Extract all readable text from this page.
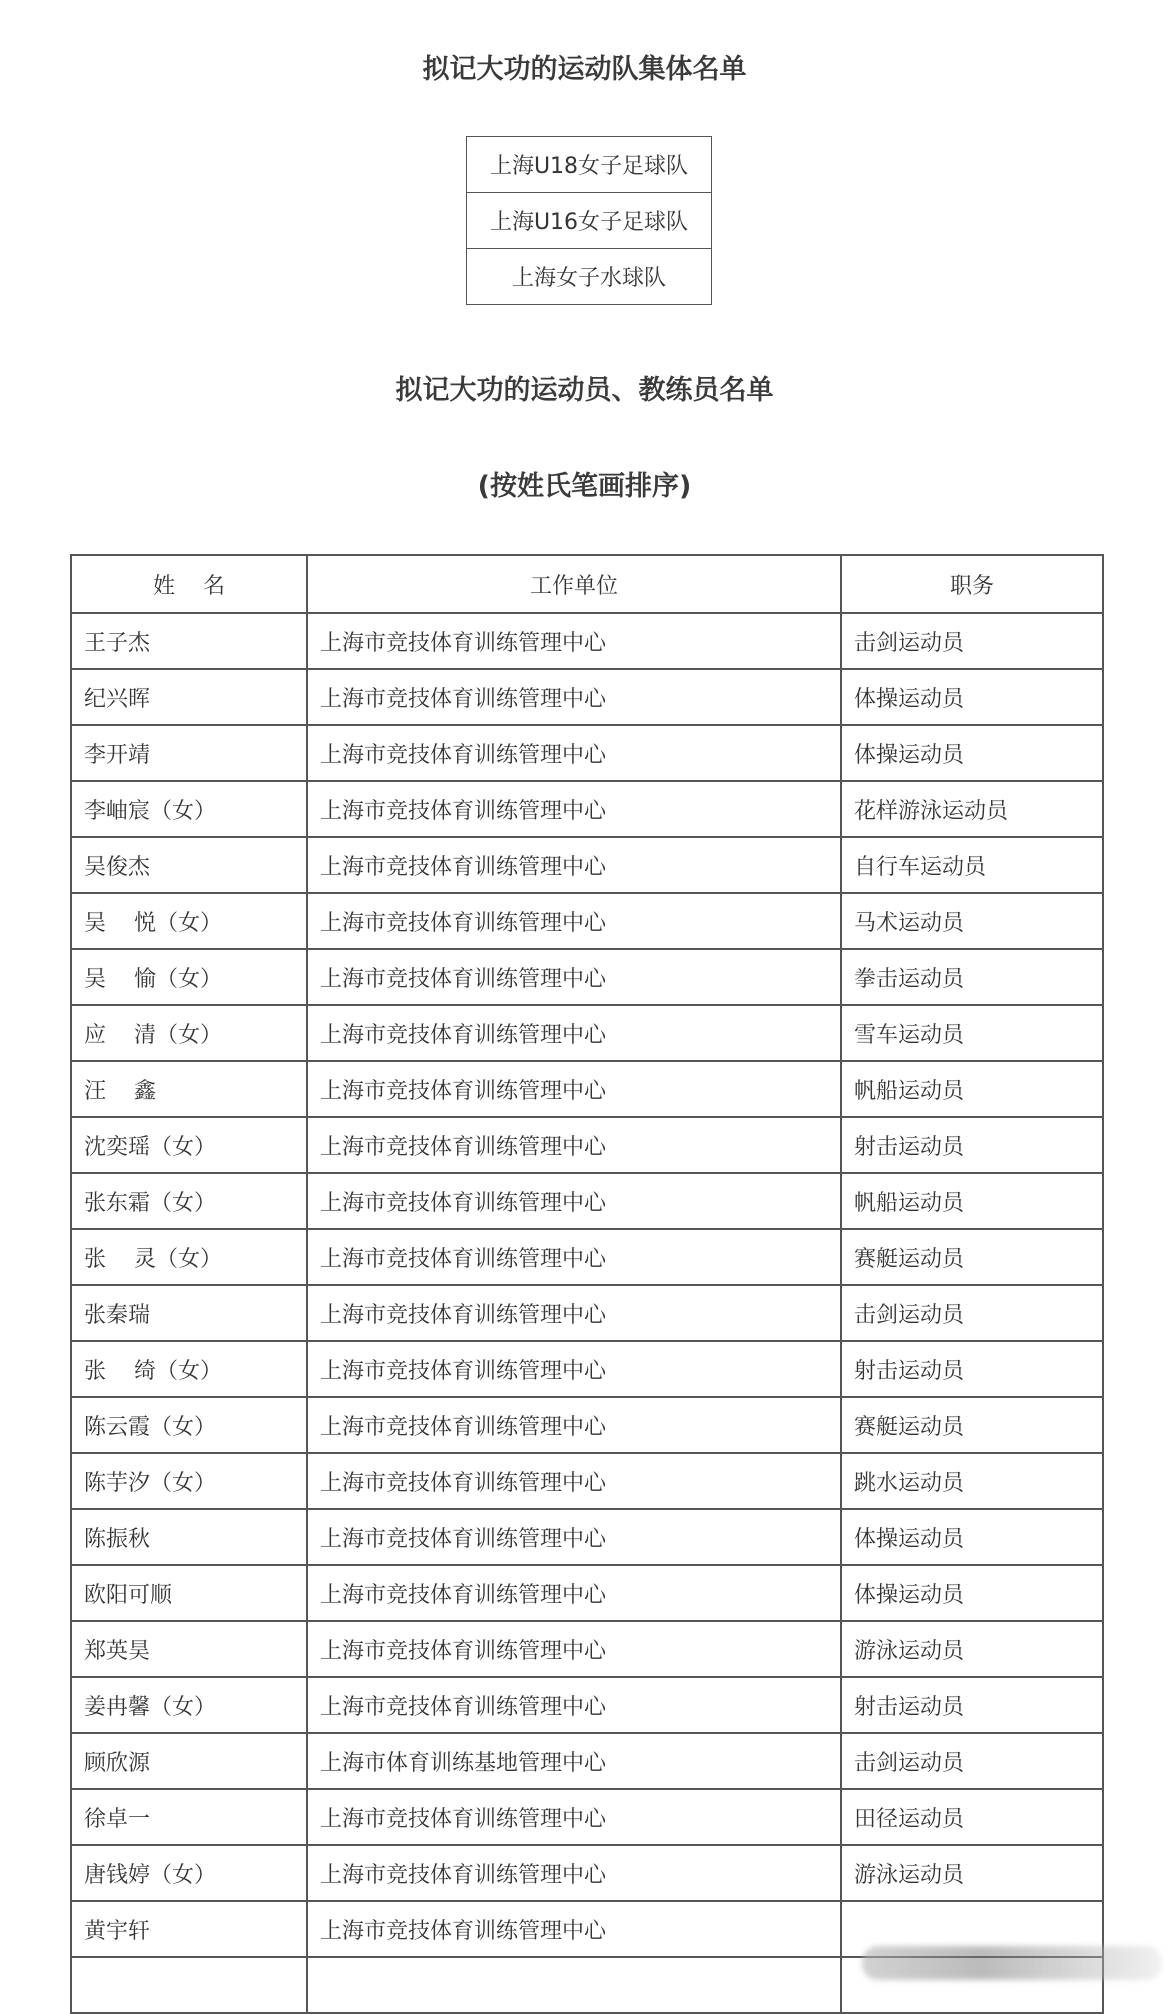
拟记大功的运动队集体名单
上海U18女子足球队
上海U16女子足球队
上海女子水球队
拟记大功的运动员、教练员名单
(按姓氏笔画排序)
姓    名	工作单位	职务
王子杰	上海市竞技体育训练管理中心	击剑运动员
纪兴晖	上海市竞技体育训练管理中心	体操运动员
李开靖	上海市竞技体育训练管理中心	体操运动员
李岫宸（女）	上海市竞技体育训练管理中心	花样游泳运动员
吴俊杰	上海市竞技体育训练管理中心	自行车运动员
吴    悦（女）	上海市竞技体育训练管理中心	马术运动员
吴    愉（女）	上海市竞技体育训练管理中心	拳击运动员
应    清（女）	上海市竞技体育训练管理中心	雪车运动员
汪    鑫	上海市竞技体育训练管理中心	帆船运动员
沈奕瑶（女）	上海市竞技体育训练管理中心	射击运动员
张东霜（女）	上海市竞技体育训练管理中心	帆船运动员
张    灵（女）	上海市竞技体育训练管理中心	赛艇运动员
张秦瑞	上海市竞技体育训练管理中心	击剑运动员
张    绮（女）	上海市竞技体育训练管理中心	射击运动员
陈云霞（女）	上海市竞技体育训练管理中心	赛艇运动员
陈芋汐（女）	上海市竞技体育训练管理中心	跳水运动员
陈振秋	上海市竞技体育训练管理中心	体操运动员
欧阳可顺	上海市竞技体育训练管理中心	体操运动员
郑英昊	上海市竞技体育训练管理中心	游泳运动员
姜冉馨（女）	上海市竞技体育训练管理中心	射击运动员
顾欣源	上海市体育训练基地管理中心	击剑运动员
徐卓一	上海市竞技体育训练管理中心	田径运动员
唐钱婷（女）	上海市竞技体育训练管理中心	游泳运动员
黄宇轩	上海市竞技体育训练管理中心	
